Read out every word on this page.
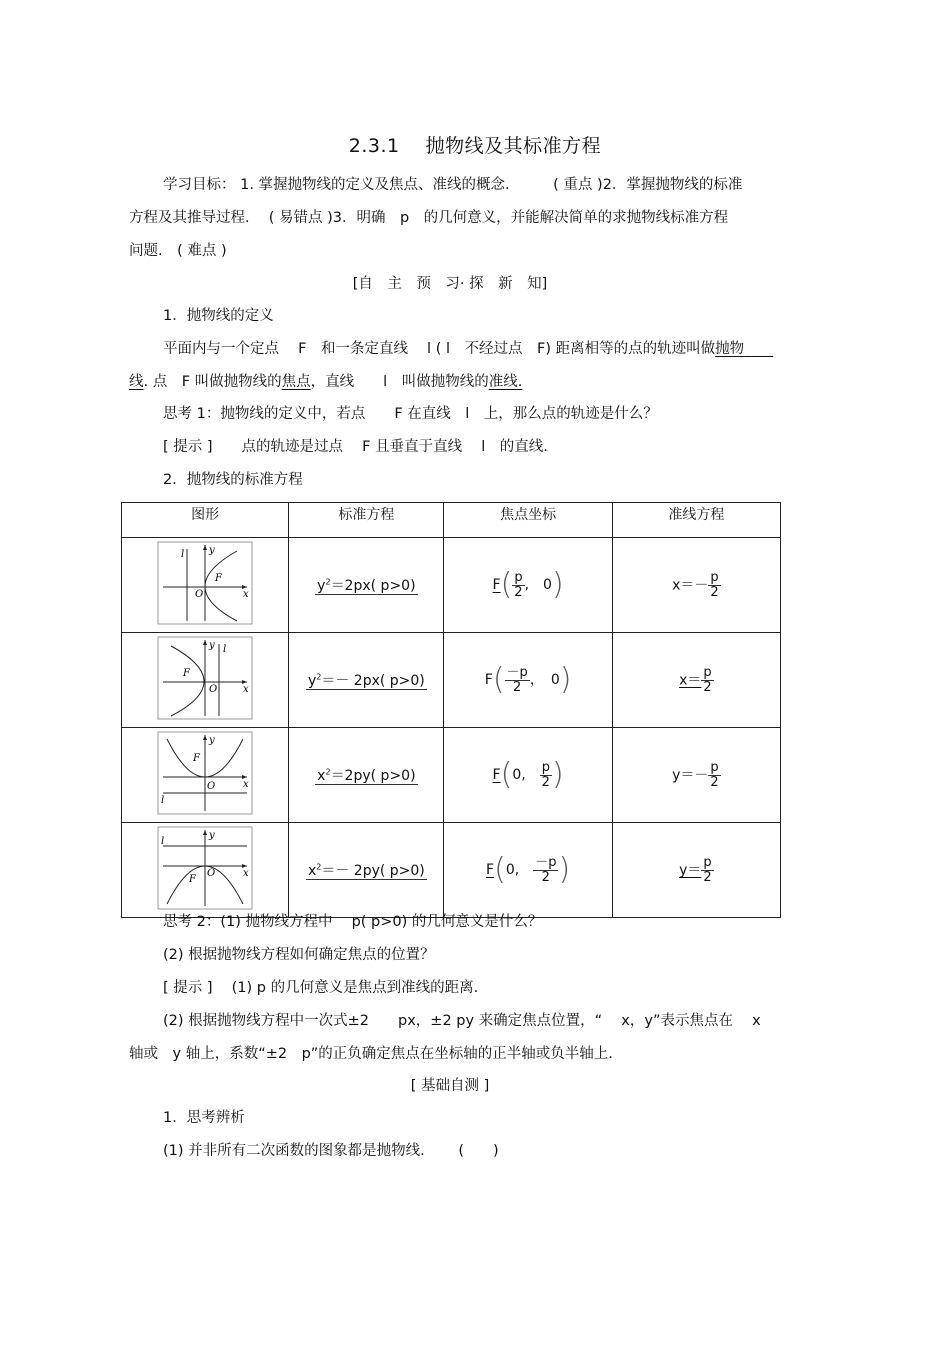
2.3.1　 抛物线及其标准方程
学习目标： 1. 掌握抛物线的定义及焦点、准线的概念.　　　( 重点 )2．掌握抛物线的标准
方程及其推导过程.　 ( 易错点 )3．明确　p　的几何意义，并能解决简单的求抛物线标准方程
问题.　( 难点 )
[自　主　预　习· 探　新　知]
1．抛物线的定义
平面内与一个定点　 F　和一条定直线　 l ( l　不经过点　F) 距离相等的点的轨迹叫做抛物　　
线. 点　F 叫做抛物线的焦点，直线　　l　叫做抛物线的准线.
思考 1：抛物线的定义中，若点　　F 在直线　l　上，那么点的轨迹是什么？
[ 提示 ]　　点的轨迹是过点　 F 且垂直于直线　 l　的直线.
2．抛物线的标准方程
图形	标准方程	焦点坐标	准线方程

l y
x
O
F	$y^2=2px$( p>0)	$F( \frac{p}{2}$ ,　 0)	$x=- \frac{p}{2}$

l
y
x
O
F	$y^2=- 2px$( p>0)	$F( \frac{-p}{2}$ ，　 0)	$x= \frac{p}{2}$

l
y
x
O
F	$x^2=2py$( p>0)	F(0,　 $\frac{p}{2}$ )	$y=- \frac{p}{2}$

l
y
x
O
F	$x^2=- 2py$( p>0)	F(0,　 $\frac{-p}{2}$ )	$y= \frac{p}{2}$
思考 2：(1) 抛物线方程中　 p( p>0) 的几何意义是什么？
(2) 根据抛物线方程如何确定焦点的位置？
[ 提示 ]　 (1) p 的几何意义是焦点到准线的距离.
(2) 根据抛物线方程中一次式±2　　px，±2 py 来确定焦点位置，“　 x，y”表示焦点在　 x
轴或　y 轴上，系数“±2　p”的正负确定焦点在坐标轴的正半轴或负半轴上.
[ 基础自测 ]
1．思考辨析
(1) 并非所有二次函数的图象都是抛物线.　　 (　　)
